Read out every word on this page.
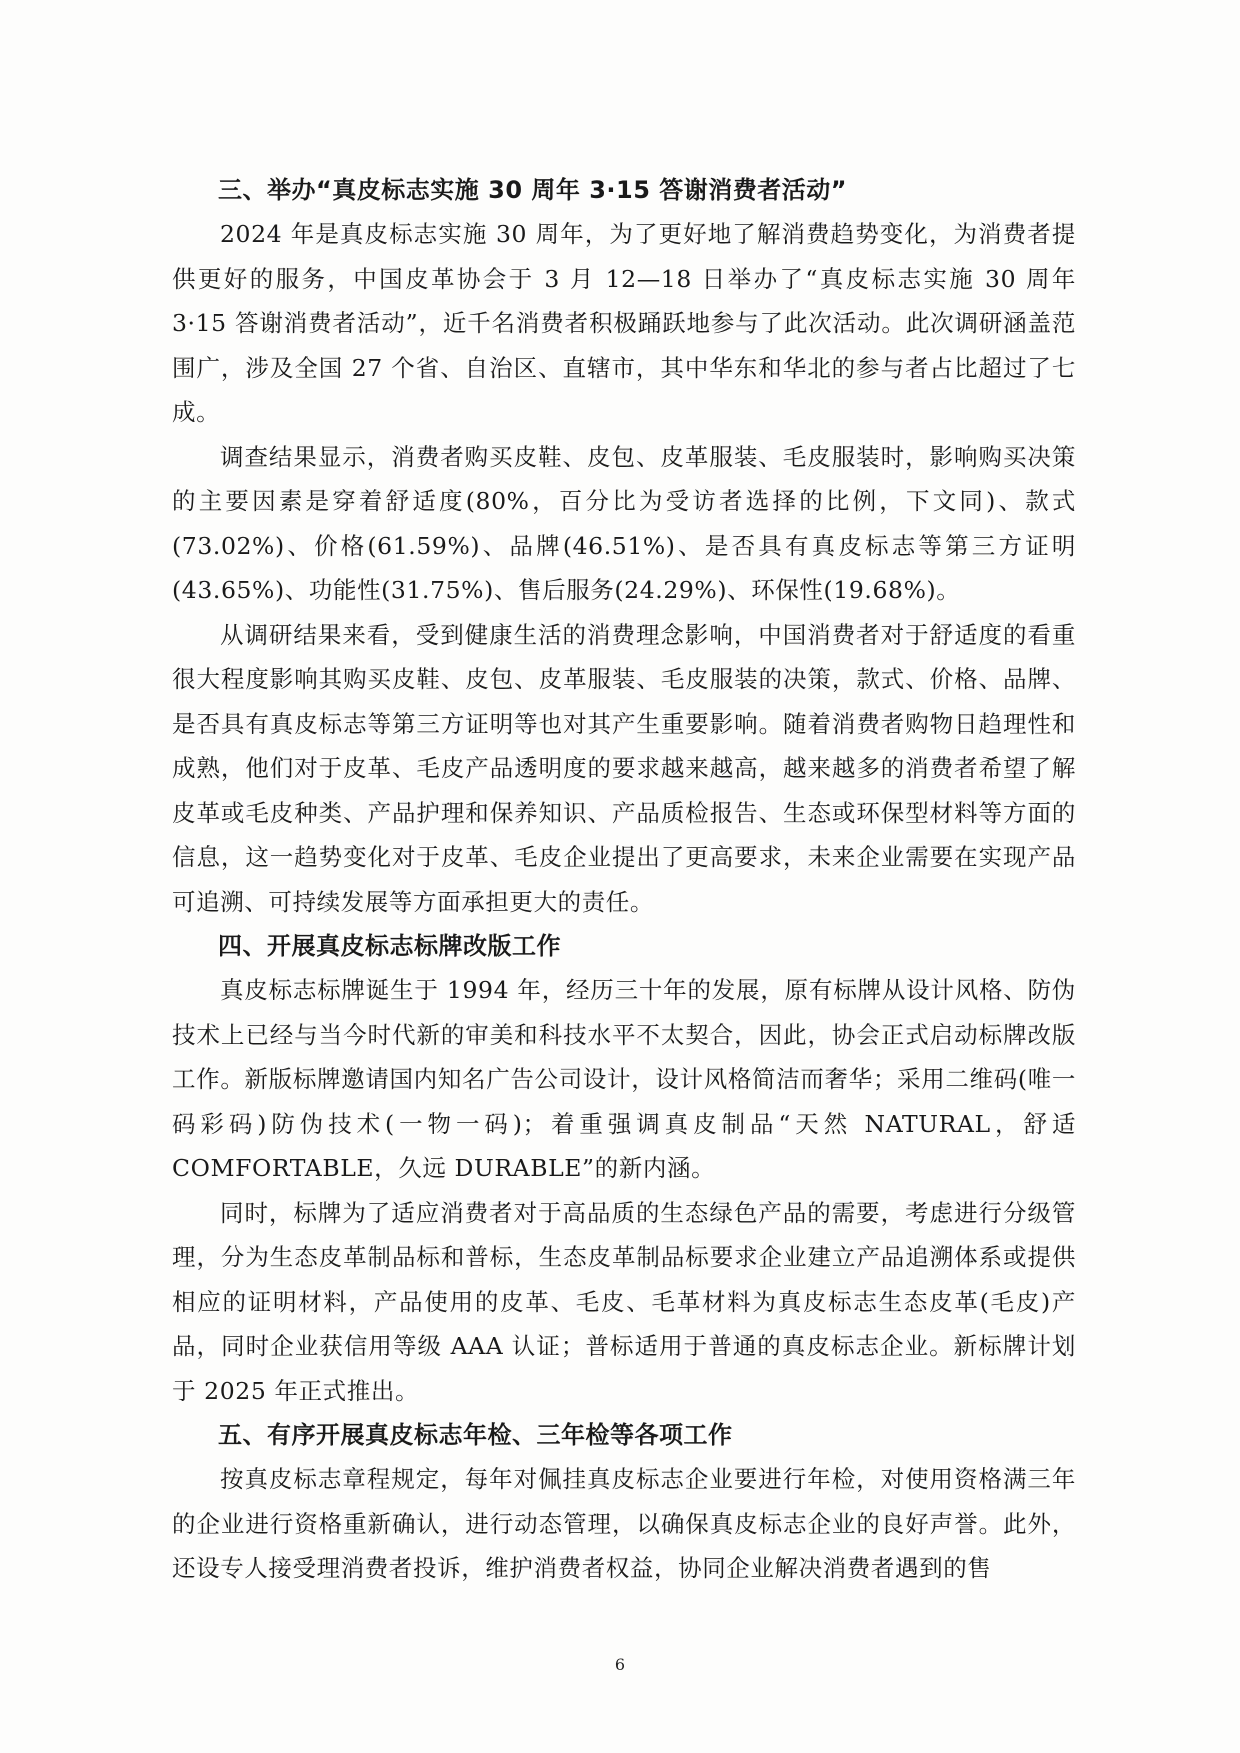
三、举办“真皮标志实施 30 周年 3·15 答谢消费者活动”

2024 年是真皮标志实施 30 周年，为了更好地了解消费趋势变化，为消费者提供更好的服务，中国皮革协会于 3 月 12—18 日举办了“真皮标志实施 30 周年 3·15 答谢消费者活动”，近千名消费者积极踊跃地参与了此次活动。此次调研涵盖范围广，涉及全国 27 个省、自治区、直辖市，其中华东和华北的参与者占比超过了七成。

调查结果显示，消费者购买皮鞋、皮包、皮革服装、毛皮服装时，影响购买决策的主要因素是穿着舒适度(80%，百分比为受访者选择的比例，下文同)、款式(73.02%)、价格(61.59%)、品牌(46.51%)、是否具有真皮标志等第三方证明(43.65%)、功能性(31.75%)、售后服务(24.29%)、环保性(19.68%)。

从调研结果来看，受到健康生活的消费理念影响，中国消费者对于舒适度的看重很大程度影响其购买皮鞋、皮包、皮革服装、毛皮服装的决策，款式、价格、品牌、是否具有真皮标志等第三方证明等也对其产生重要影响。随着消费者购物日趋理性和成熟，他们对于皮革、毛皮产品透明度的要求越来越高，越来越多的消费者希望了解皮革或毛皮种类、产品护理和保养知识、产品质检报告、生态或环保型材料等方面的信息，这一趋势变化对于皮革、毛皮企业提出了更高要求，未来企业需要在实现产品可追溯、可持续发展等方面承担更大的责任。

四、开展真皮标志标牌改版工作

真皮标志标牌诞生于 1994 年，经历三十年的发展，原有标牌从设计风格、防伪技术上已经与当今时代新的审美和科技水平不太契合，因此，协会正式启动标牌改版工作。新版标牌邀请国内知名广告公司设计，设计风格简洁而奢华；采用二维码(唯一码彩码)防伪技术(一物一码)；着重强调真皮制品“天然 NATURAL，舒适 COMFORTABLE，久远 DURABLE”的新内涵。

同时，标牌为了适应消费者对于高品质的生态绿色产品的需要，考虑进行分级管理，分为生态皮革制品标和普标，生态皮革制品标要求企业建立产品追溯体系或提供相应的证明材料，产品使用的皮革、毛皮、毛革材料为真皮标志生态皮革(毛皮)产品，同时企业获信用等级 AAA 认证；普标适用于普通的真皮标志企业。新标牌计划于 2025 年正式推出。

五、有序开展真皮标志年检、三年检等各项工作

按真皮标志章程规定，每年对佩挂真皮标志企业要进行年检，对使用资格满三年的企业进行资格重新确认，进行动态管理，以确保真皮标志企业的良好声誉。此外，还设专人接受理消费者投诉，维护消费者权益，协同企业解决消费者遇到的售

6
